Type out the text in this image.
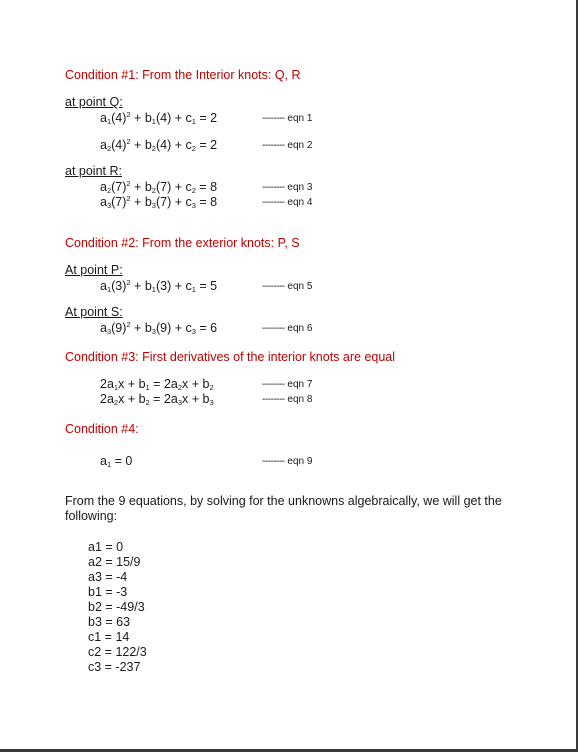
Condition #1: From the Interior knots: Q, R
at point Q:
$a_1(4)^2 + b_1(4) + c_1 = 2$	-------- eqn 1
$a_2(4)^2 + b_2(4) + c_2 = 2$	-------- eqn 2
at point R:
$a_2(7)^2 + b_2(7) + c_2 = 8$	-------- eqn 3
$a_3(7)^2 + b_3(7) + c_3 = 8$	-------- eqn 4
Condition #2: From the exterior knots: P, S
At point P:
$a_1(3)^2 + b_1(3) + c_1 = 5$	-------- eqn 5
At point S:
$a_3(9)^2 + b_3(9) + c_3 = 6$	-------- eqn 6
Condition #3: First derivatives of the interior knots are equal
$2a_1x + b_1 = 2a_2x + b_2$	-------- eqn 7
$2a_2x + b_2 = 2a_3x + b_3$	-------- eqn 8
Condition #4:
$a_1 = 0$	-------- eqn 9
From the 9 equations, by solving for the unknowns algebraically, we will get the following:
a1 = 0
a2 = 15/9
a3 = -4
b1 = -3
b2 = -49/3
b3 = 63
c1 = 14
c2 = 122/3
c3 = -237
